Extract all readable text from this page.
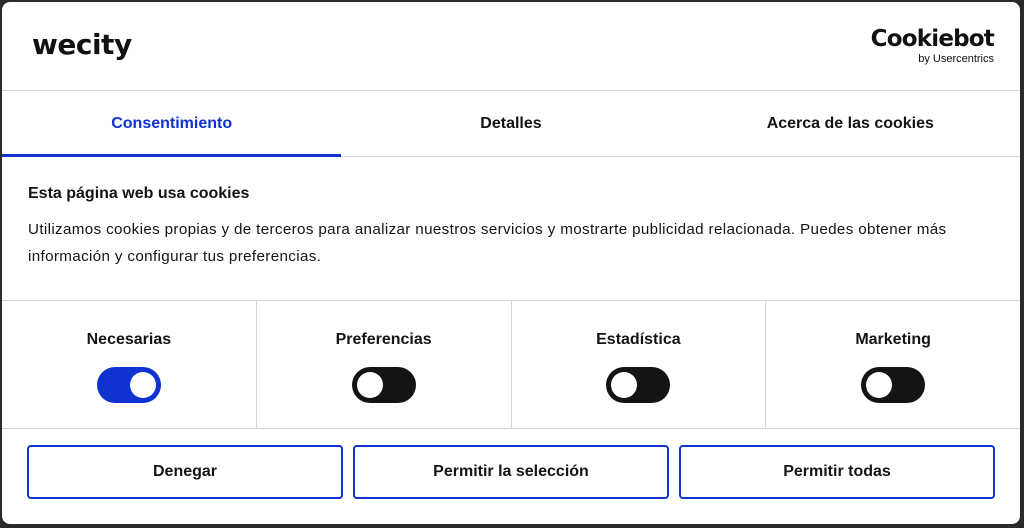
wecity	Cookiebot
by Usercentrics
Consentimiento	Detalles	Acerca de las cookies
Esta página web usa cookies

Utilizamos cookies propias y de terceros para analizar nuestros servicios y mostrarte publicidad relacionada. Puedes obtener más información y configurar tus preferencias.

Necesarias	Preferencias	Estadística	Marketing
Denegar	Permitir la selección	Permitir todas
